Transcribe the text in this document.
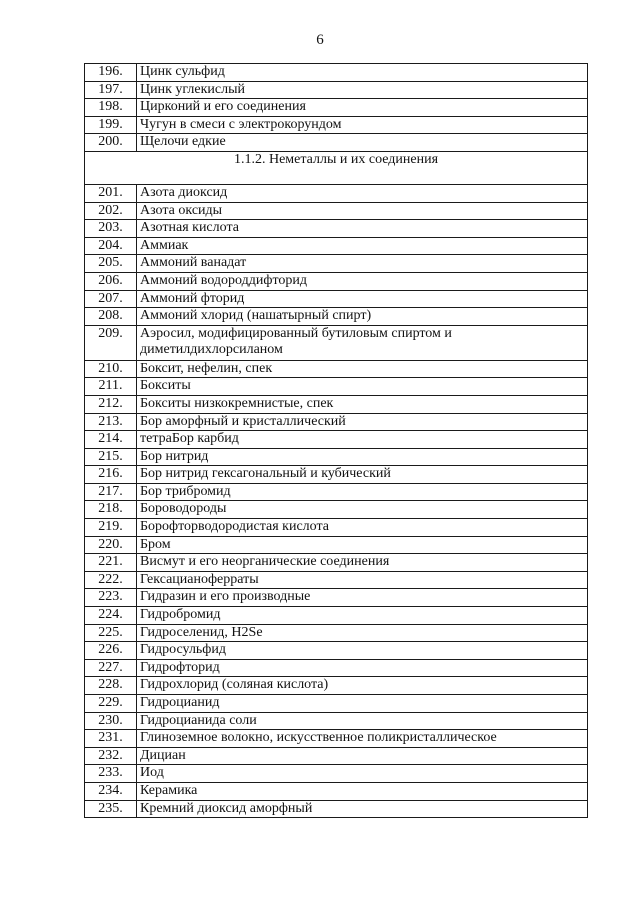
6
196.	Цинк сульфид
197.	Цинк углекислый
198.	Цирконий и его соединения
199.	Чугун в смеси с электрокорундом
200.	Щелочи едкие
1.1.2. Неметаллы и их соединения	
201.	Азота диоксид
202.	Азота оксиды
203.	Азотная кислота
204.	Аммиак
205.	Аммоний ванадат
206.	Аммоний водороддифторид
207.	Аммоний фторид
208.	Аммоний хлорид (нашатырный спирт)
209.	Аэросил, модифицированный бутиловым спиртом и диметилдихлорсиланом
210.	Боксит, нефелин, спек
211.	Бокситы
212.	Бокситы низкокремнистые, спек
213.	Бор аморфный и кристаллический
214.	тетраБор карбид
215.	Бор нитрид
216.	Бор нитрид гексагональный и кубический
217.	Бор трибромид
218.	Бороводороды
219.	Борофторводородистая кислота
220.	Бром
221.	Висмут и его неорганические соединения
222.	Гексацианоферраты
223.	Гидразин и его производные
224.	Гидробромид
225.	Гидроселенид, H2Se
226.	Гидросульфид
227.	Гидрофторид
228.	Гидрохлорид (соляная кислота)
229.	Гидроцианид
230.	Гидроцианида соли
231.	Глиноземное волокно, искусственное поликристаллическое
232.	Дициан
233.	Иод
234.	Керамика
235.	Кремний диоксид аморфный
